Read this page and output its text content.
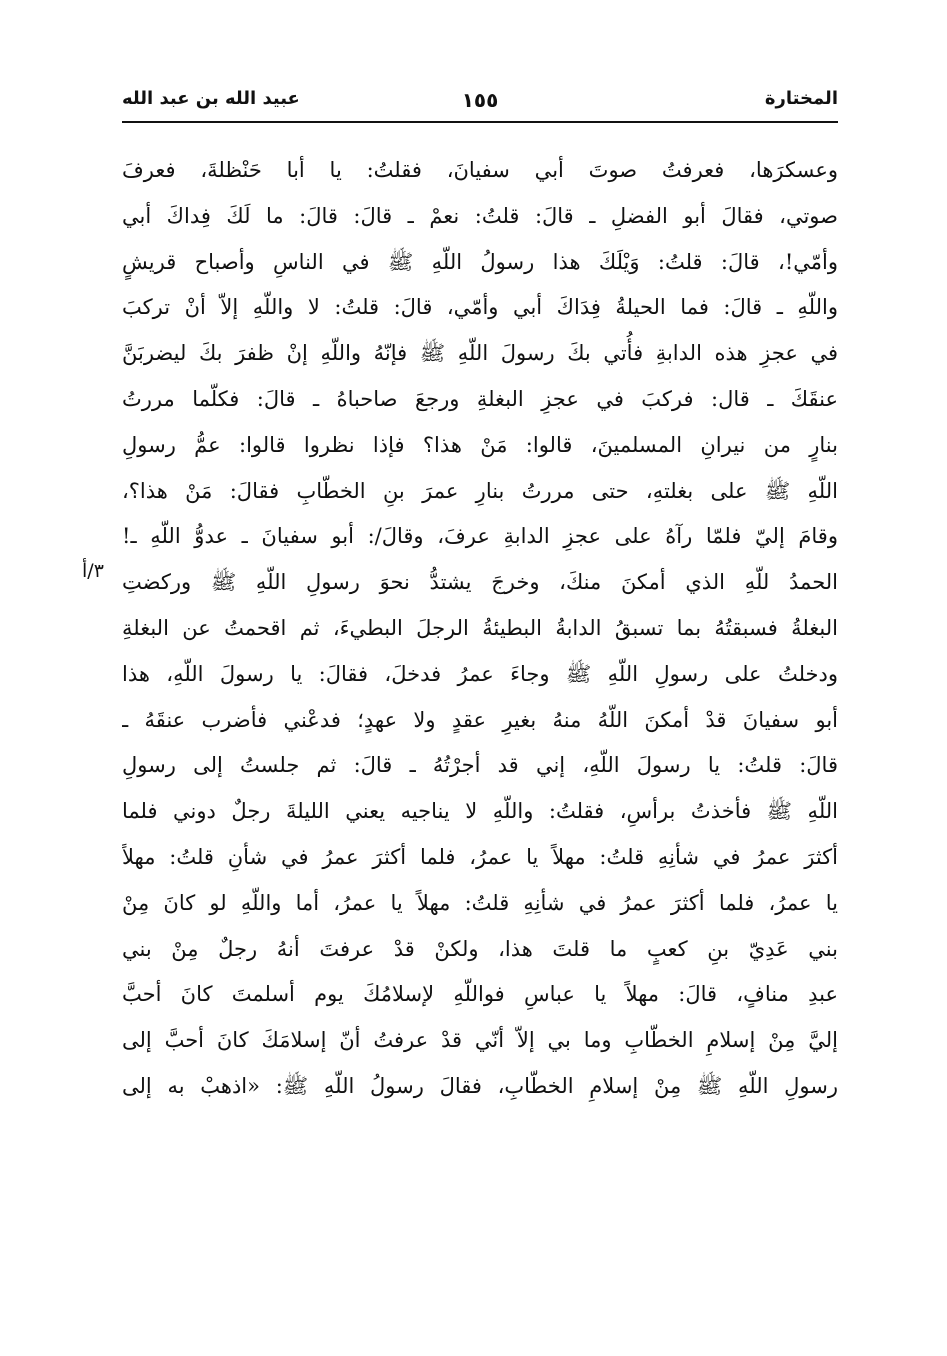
المختارة
١٥٥
عبيد الله بن عبد الله
٣/أ
وعسكرَها، فعرفتُ صوتَ أبي سفيانَ، فقلتُ: يا أبا حَنْظلةَ، فعرفَ
صوتي، فقالَ أبو الفضلِ ـ قالَ: قلتُ: نعمْ ـ قالَ: قالَ: ما لَكَ فِداكَ أبي
وأمّي!، قالَ: قلتُ: وَيْلَكَ هذا رسولُ اللّهِ ﷺ في الناسِ وأصباح قريشٍ
واللّهِ ـ قالَ: فما الحيلةُ فِدَاكَ أبي وأمّي، قالَ: قلتُ: لا واللّهِ إلاّ أنْ تركبَ
في عجزِ هذه الدابةِ فأُتي بكَ رسولَ اللّهِ ﷺ فإنّهُ واللّهِ إنْ ظفرَ بكَ ليضربَنَّ
عنقَكَ ـ قال: فركبَ في عجزِ البغلةِ ورجعَ صاحباهُ ـ قالَ: فكلّما مررتُ
بنارٍ من نيرانِ المسلمينَ، قالوا: مَنْ هذا؟ فإذا نظروا قالوا: عمُّ رسولِ
اللّهِ ﷺ على بغلتهِ، حتى مررتُ بنارِ عمرَ بنِ الخطّابِ فقالَ: مَنْ هذا؟،
وقامَ إليّ فلمّا رآهُ على عجزِ الدابةِ عرفَ، وقالَ/: أبو سفيانَ ـ عدوُّ اللّهِ ـ!
الحمدُ للّهِ الذي أمكنَ منكَ، وخرجَ يشتدُّ نحوَ رسولِ اللّهِ ﷺ وركضتِ
البغلةُ فسبقتُهُ بما تسبقُ الدابةُ البطيئةُ الرجلَ البطيءَ، ثم اقحمتُ عن البغلةِ
ودخلتُ على رسولِ اللّهِ ﷺ وجاءَ عمرُ فدخلَ، فقالَ: يا رسولَ اللّهِ، هذا
أبو سفيانَ قدْ أمكنَ اللّهُ منهُ بغيرِ عقدٍ ولا عهدٍ؛ فدعْني فأضرب عنقَهُ ـ
قالَ: قلتُ: يا رسولَ اللّهِ، إني قد أجرْتُهُ ـ قالَ: ثم جلستُ إلى رسولِ
اللّهِ ﷺ فأخذتُ برأسِ، فقلتُ: واللّهِ لا يناجيه يعني الليلةَ رجلٌ دوني فلما
أكثرَ عمرُ في شأنِهِ قلتُ: مهلاً يا عمرُ، فلما أكثرَ عمرُ في شأنِ قلتُ: مهلاً
يا عمرُ، فلما أكثرَ عمرُ في شأنِهِ قلتُ: مهلاً يا عمرُ، أما واللّهِ لو كانَ مِنْ
بني عَدِيّ بنِ كعبٍ ما قلتَ هذا، ولكنْ قدْ عرفتَ أنهُ رجلٌ مِنْ بني
عبدِ منافٍ، قالَ: مهلاً يا عباسِ فواللّهِ لإسلامُكَ يوم أسلمتَ كانَ أحبَّ
إليَّ مِنْ إسلامِ الخطّابِ وما بي إلاّ أنّي قدْ عرفتُ أنّ إسلامَكَ كانَ أحبَّ إلى
رسولِ اللّهِ ﷺ مِنْ إسلامِ الخطّابِ، فقالَ رسولُ اللّهِ ﷺ: «اذهبْ به إلى
